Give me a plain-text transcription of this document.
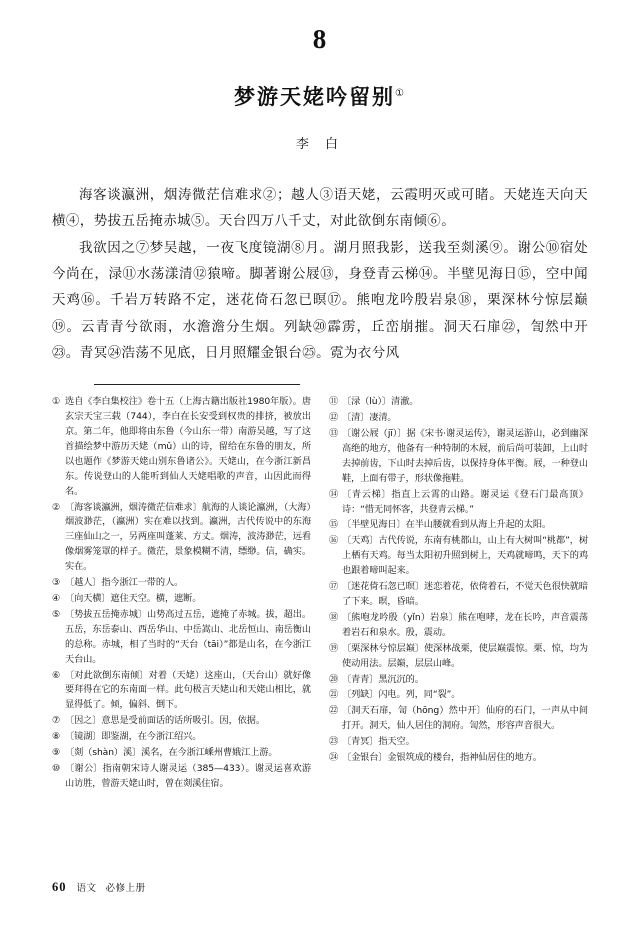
8
梦游天姥吟留别①
李 白

海客谈瀛洲，烟涛微茫信难求②；越人③语天姥，云霞明灭或可睹。天姥连天向天横④，势拔五岳掩赤城⑤。天台四万八千丈，对此欲倒东南倾⑥。

我欲因之⑦梦吴越，一夜飞度镜湖⑧月。湖月照我影，送我至剡溪⑨。谢公⑩宿处今尚在，渌⑪水荡漾清⑫猿啼。脚著谢公屐⑬，身登青云梯⑭。半壁见海日⑮，空中闻天鸡⑯。千岩万转路不定，迷花倚石忽已暝⑰。熊咆龙吟殷岩泉⑱，栗深林兮惊层巅⑲。云青青兮欲雨，水澹澹分生烟。列缺⑳霹雳，丘峦崩摧。洞天石扉㉒，訇然中开㉓。青冥㉔浩荡不见底，日月照耀金银台㉕。霓为衣兮风

① 选自《李白集校注》卷十五（上海古籍出版社1980年版）。唐玄宗天宝三载（744），李白在长安受到权贵的排挤，被放出京。第二年，他即将由东鲁（今山东一带）南游吴越，写了这首描绘梦中游历天姥（mǔ）山的诗，留给在东鲁的朋友，所以也题作《梦游天姥山别东鲁诸公》。天姥山，在今浙江新昌东。传说登山的人能听到仙人天姥唱歌的声音，山因此而得名。
② 〔海客谈瀛洲，烟涛微茫信难求〕航海的人谈论瀛洲，（大海）烟波渺茫，（瀛洲）实在难以找到。瀛洲，古代传说中的东海三座仙山之一，另两座叫蓬莱、方丈。烟涛，波涛渺茫，远看像烟雾笼罩的样子。微茫，景象模糊不清，缥缈。信，确实。实在。
③ 〔越人〕指今浙江一带的人。
④ 〔向天横〕遮住天空。横，遮断。
⑤ 〔势拔五岳掩赤城〕山势高过五岳，遮掩了赤城。拔，超出。五岳，东岳泰山、西岳华山、中岳嵩山、北岳恒山、南岳衡山的总称。赤城，相了当时的“天台（tāi）”都是山名，在今浙江天台山。
⑥ 〔对此欲倒东南倾〕对着（天姥）这座山，（天台山）就好像要拜得在它的东南面一样。此句极言天姥山和天姥山相比，就显得低了。倾，偏斜、倒下。
⑦ 〔因之〕意思是受前面话的话所吸引。因，依据。
⑧ 〔镜湖〕即鉴湖，在今浙江绍兴。
⑨ 〔剡（shàn）溪〕溪名，在今浙江嵊州曹娥江上游。
⑩ 〔谢公〕指南朝宋诗人谢灵运（385—433）。谢灵运喜欢游山访胜，曾游天姥山时，曾在剡溪住宿。
⑪ 〔渌（lù）〕清澈。
⑫ 〔清〕凄清。
⑬ 〔谢公屐（jī）〕据《宋书·谢灵运传》，谢灵运游山，必到幽深高绝的地方，他备有一种特制的木屐，前后尚可装卸，上山时去掉前齿，下山时去掉后齿，以保持身体平衡。屐，一种登山鞋，上面有带子，形状像拖鞋。
⑭ 〔青云梯〕指直上云霄的山路。谢灵运《登石门最高顶》诗：“惜无同怀客，共登青云梯。”
⑮ 〔半壁见海日〕在半山腰就看到从海上升起的太阳。
⑯ 〔天鸡〕古代传说，东南有桃都山，山上有大树叫“桃都”，树上栖有天鸡。每当太阳初升照到树上，天鸡就啼鸣，天下的鸡也跟着啼叫起来。
⑰ 〔迷花倚石忽已暝〕迷恋着花，依倚着石，不觉天色很快就暗了下来。暝，昏暗。
⑱ 〔熊咆龙吟殷（yǐn）岩泉〕熊在咆哮，龙在长吟，声音震荡着岩石和泉水。殷，震动。
⑲ 〔栗深林兮惊层巅〕使深林战栗，使层巅震惊。栗、惊，均为使动用法。层巅，层层山峰。
⑳ 〔青青〕黑沉沉的。
㉑ 〔列缺〕闪电。列，同“裂”。
㉒ 〔洞天石扉，訇（hōng）然中开〕仙府的石门，一声从中间打开。洞天，仙人居住的洞府。訇然，形容声音很大。
㉓ 〔青冥〕指天空。
㉔ 〔金银台〕金银筑成的楼台，指神仙居住的地方。
60 语文 必修上册
